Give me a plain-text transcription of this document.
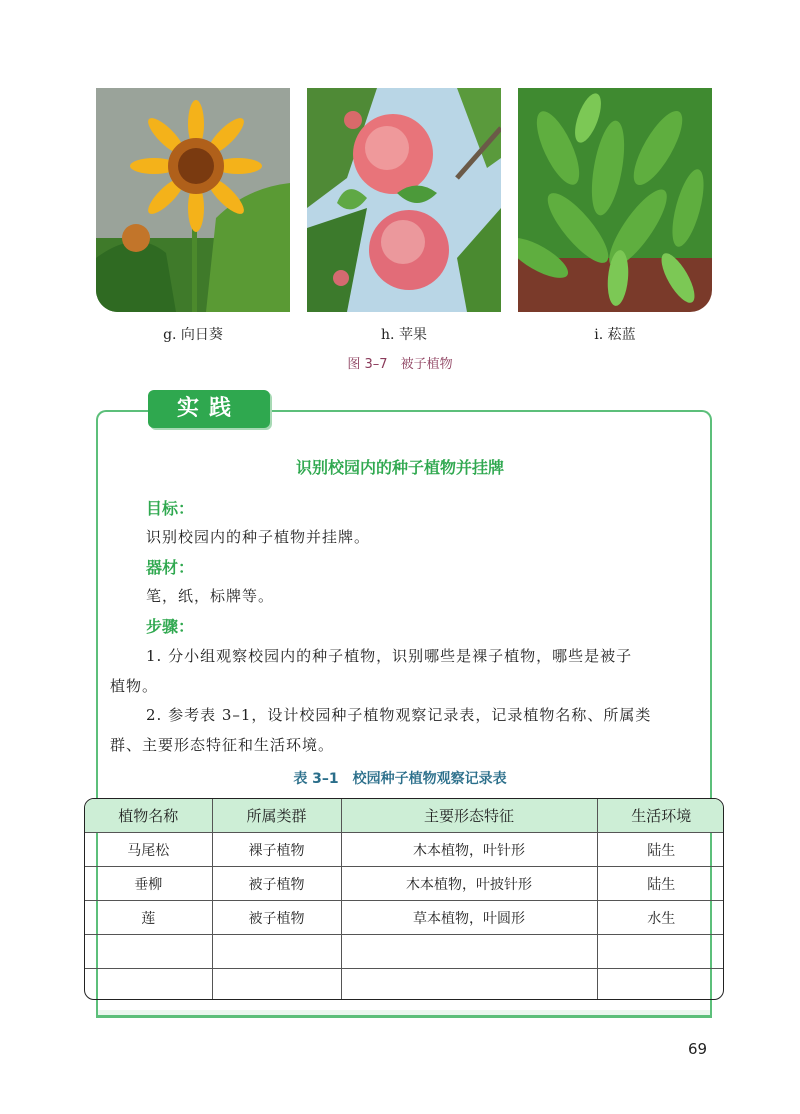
g. 向日葵	h. 苹果	i. 菘蓝
图 3–7　被子植物
实践
识别校园内的种子植物并挂牌
目标：
识别校园内的种子植物并挂牌。
器材：
笔，纸，标牌等。
步骤：
1. 分小组观察校园内的种子植物，识别哪些是裸子植物，哪些是被子
植物。
2. 参考表 3–1，设计校园种子植物观察记录表，记录植物名称、所属类
群、主要形态特征和生活环境。
表 3–1　校园种子植物观察记录表
植物名称	所属类群	主要形态特征	生活环境
马尾松	裸子植物	木本植物，叶针形	陆生
垂柳	被子植物	木本植物，叶披针形	陆生
莲	被子植物	草本植物，叶圆形	水生

69
